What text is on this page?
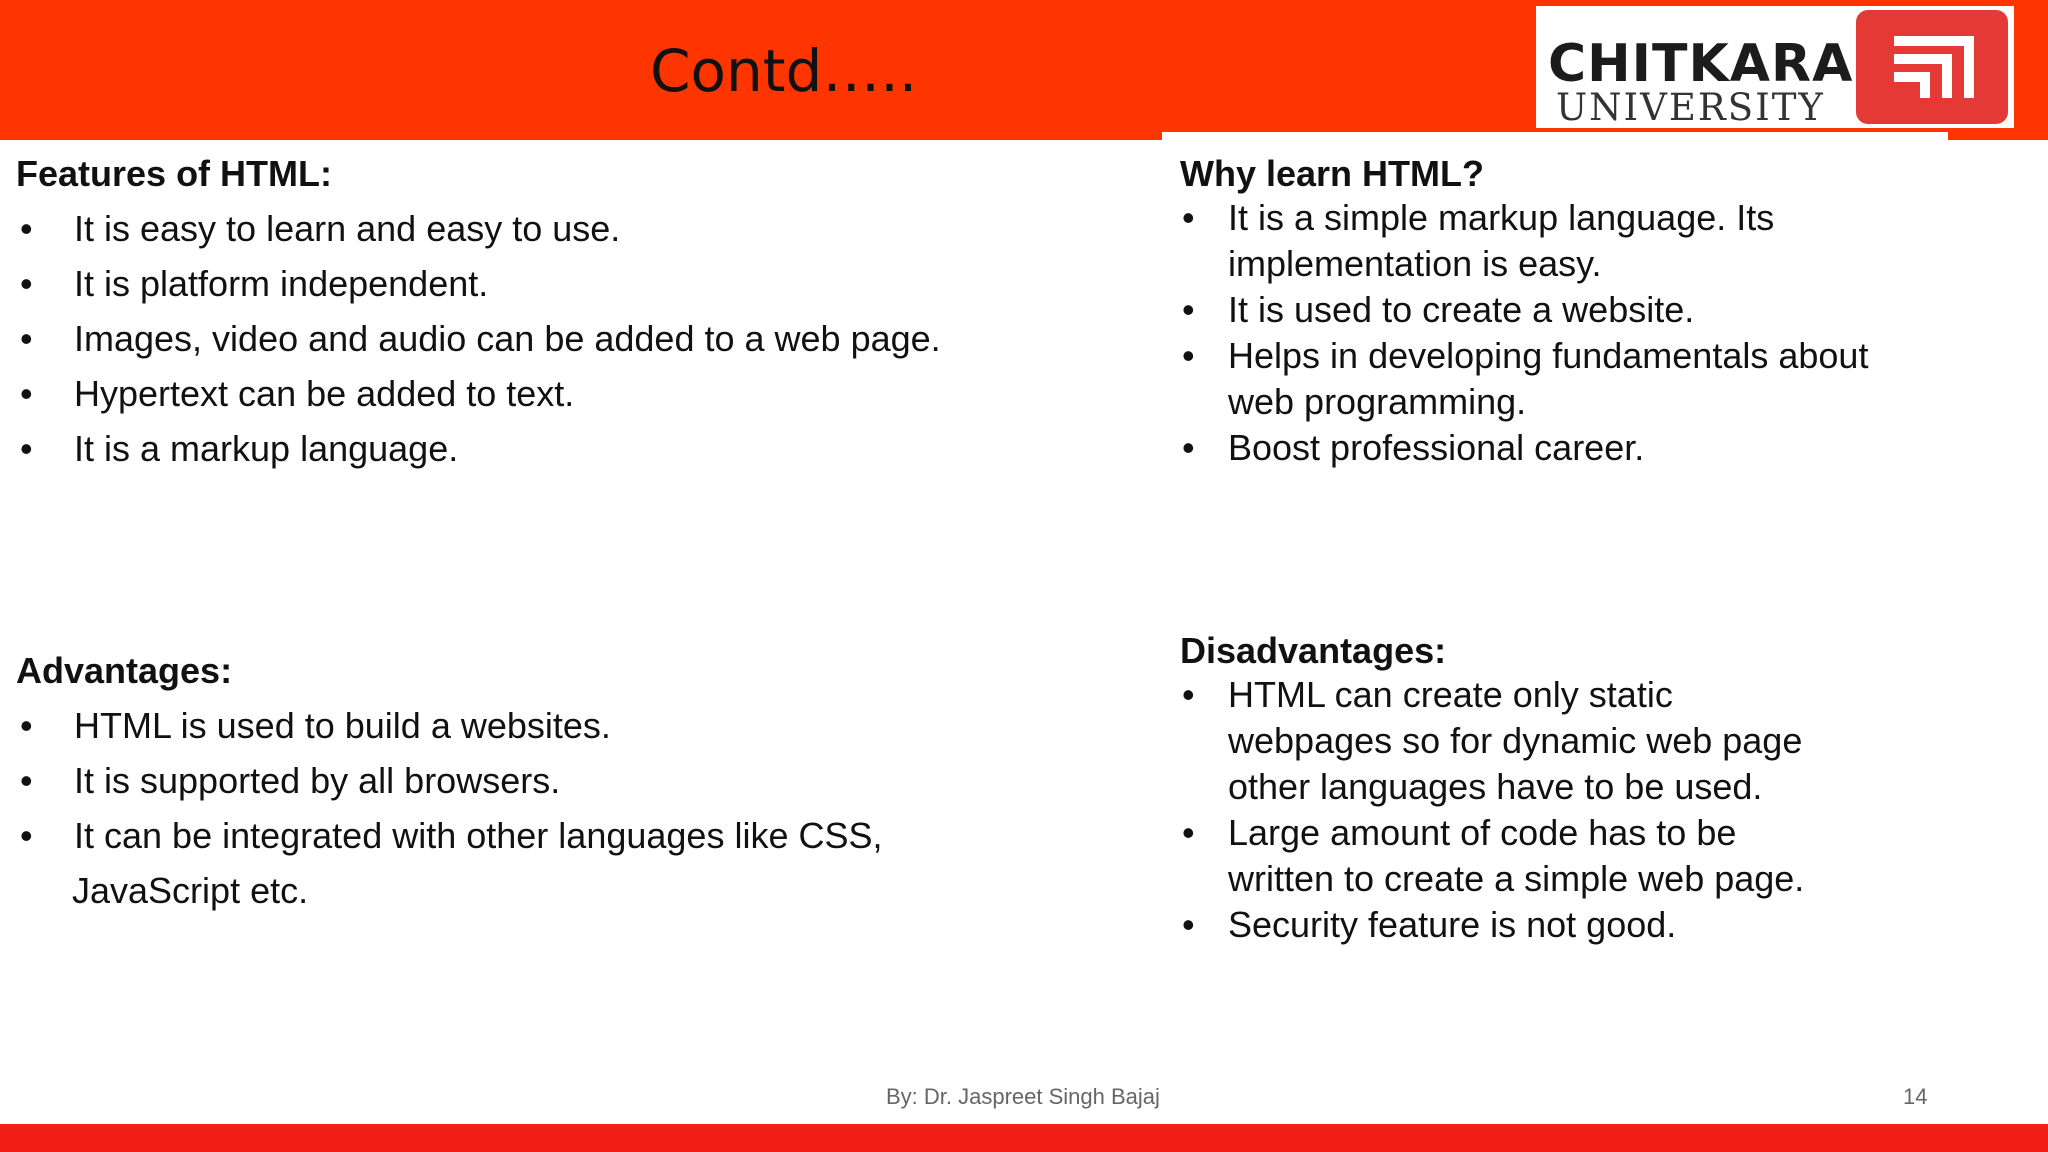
Contd…..	CHITKARA
UNIVERSITY
Features of HTML:
• It is easy to learn and easy to use.
• It is platform independent.
• Images, video and audio can be added to a web page.
• Hypertext can be added to text.
• It is a markup language.
Why learn HTML?
• It is a simple markup language. Its
implementation is easy.
• It is used to create a website.
• Helps in developing fundamentals about
web programming.
• Boost professional career.
Advantages:
• HTML is used to build a websites.
• It is supported by all browsers.
• It can be integrated with other languages like CSS,
JavaScript etc.
Disadvantages:
• HTML can create only static
webpages so for dynamic web page
other languages have to be used.
• Large amount of code has to be
written to create a simple web page.
• Security feature is not good.
By: Dr. Jaspreet Singh Bajaj	14
